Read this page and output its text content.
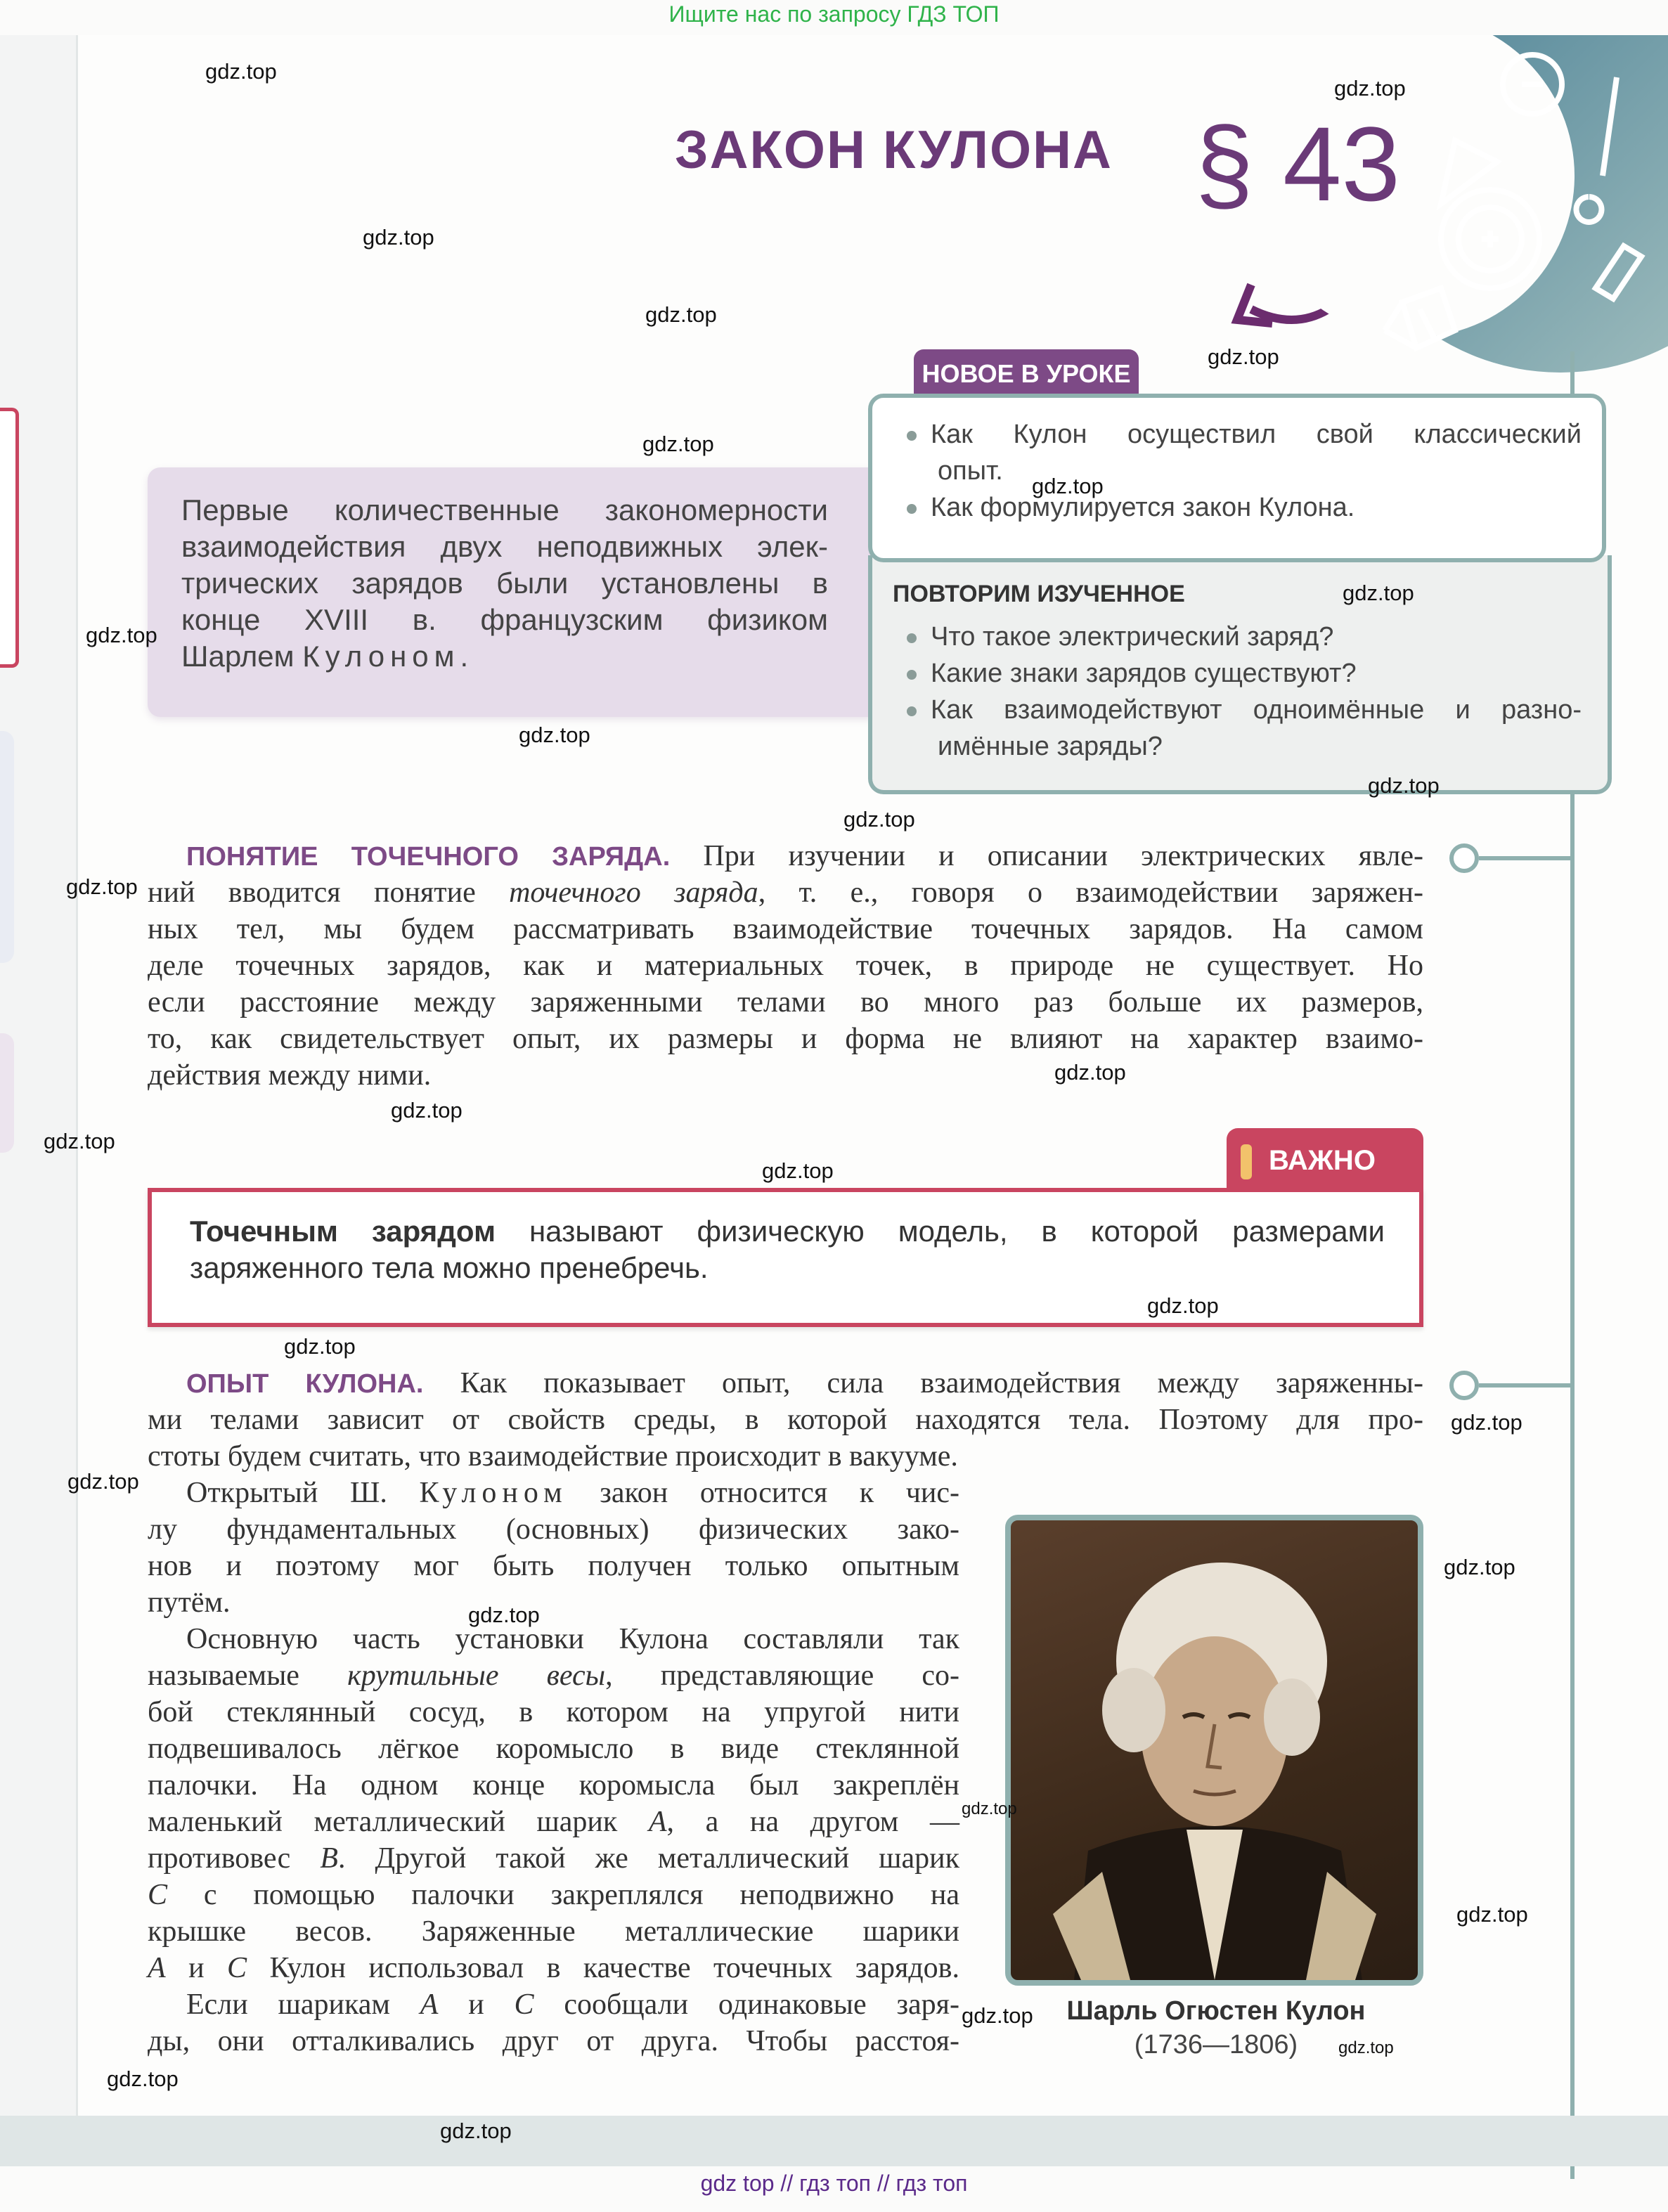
Ищите нас по запросу ГДЗ ТОП
ЗАКОН КУЛОНА § 43
Первые количественные закономерности
взаимодействия двух неподвижных элек-
трических зарядов были установлены в
конце XVIII в. французским физиком
Шарлем Кулоном.
НОВОЕ В УРОКЕ
Как Кулон осуществил свой классический
опыт.
Как формулируется закон Кулона.
ПОВТОРИМ ИЗУЧЕННОЕ
Что такое электрический заряд?
Какие знаки зарядов существуют?
Как взаимодействуют одноимённые и разно-
имённые заряды?
ПОНЯТИЕ ТОЧЕЧНОГО ЗАРЯДА. При изучении и описании электрических явле-
ний вводится понятие точечного заряда, т. е., говоря о взаимодействии заряжен-
ных тел, мы будем рассматривать взаимодействие точечных зарядов. На самом
деле точечных зарядов, как и материальных точек, в природе не существует. Но
если расстояние между заряженными телами во много раз больше их размеров,
то, как свидетельствует опыт, их размеры и форма не влияют на характер взаимо-
действия между ними.
ВАЖНО
Точечным зарядом называют физическую модель, в которой размерами
заряженного тела можно пренебречь.
ОПЫТ КУЛОНА. Как показывает опыт, сила взаимодействия между заряженны-
ми телами зависит от свойств среды, в которой находятся тела. Поэтому для про-
стоты будем считать, что взаимодействие происходит в вакууме.
Открытый Ш. Кулоном закон относится к чис-
лу фундаментальных (основных) физических зако-
нов и поэтому мог быть получен только опытным
путём.
Основную часть установки Кулона составляли так
называемые крутильные весы, представляющие со-
бой стеклянный сосуд, в котором на упругой нити
подвешивалось лёгкое коромысло в виде стеклянной
палочки. На одном конце коромысла был закреплён
маленький металлический шарик A, а на другом —
противовес B. Другой такой же металлический шарик
C с помощью палочки закреплялся неподвижно на
крышке весов. Заряженные металлические шарики
A и C Кулон использовал в качестве точечных зарядов.
Если шарикам A и C сообщали одинаковые заря-
ды, они отталкивались друг от друга. Чтобы расстоя-
Шарль Огюстен Кулон
(1736—1806)
gdz top // гдз топ // гдз топ
gdz.top
gdz.top
gdz.top
gdz.top
gdz.top
gdz.top
gdz.top
gdz.top
gdz.top
gdz.top
gdz.top
gdz.top
gdz.top
gdz.top
gdz.top
gdz.top
gdz.top
gdz.top
gdz.top
gdz.top
gdz.top
gdz.top
gdz.top
gdz.top
gdz.top
gdz.top
gdz.top
gdz.top
gdz.top
